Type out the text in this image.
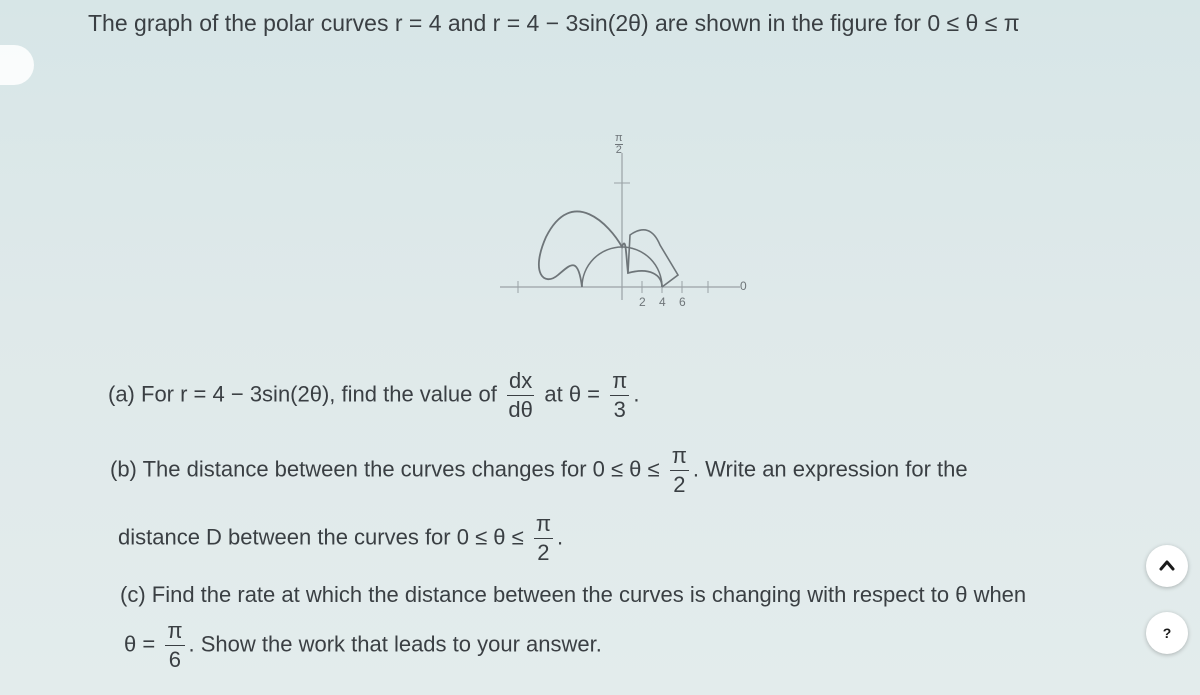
The graph of the polar curves r = 4 and r = 4 − 3sin(2θ) are shown in the figure for 0 ≤ θ ≤ π
π
2
2 4 6
0
(a) For r = 4 − 3sin(2θ), find the value of $\frac{dx}{d\theta}$ at $\theta = \frac{\pi}{3}$ .
(b) The distance between the curves changes for $0 \le \theta \le \frac{\pi}{2}$ . Write an expression for the
distance D between the curves for $0 \le \theta \le \frac{\pi}{2}$ .
(c) Find the rate at which the distance between the curves is changing with respect to θ when
$\theta = \frac{\pi}{6}$ . Show the work that leads to your answer.	?
